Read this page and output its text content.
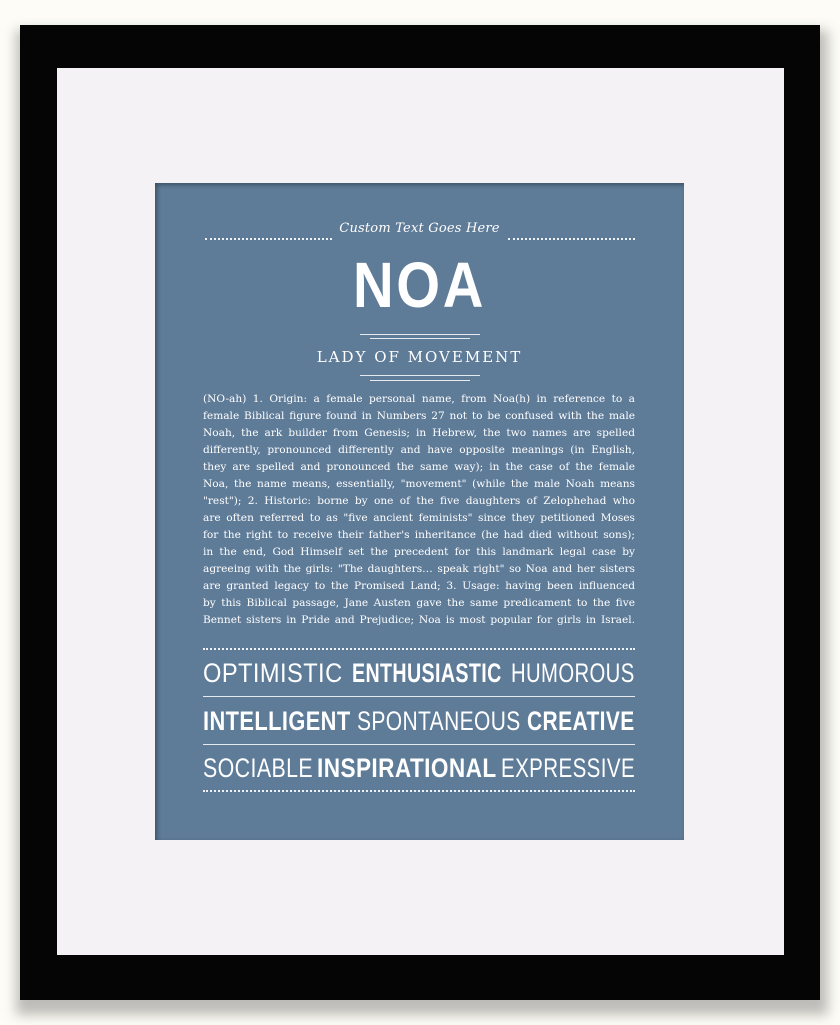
Custom Text Goes Here
NOA
LADY OF MOVEMENT
(NO-ah) 1. Origin: a female personal name, from Noa(h) in reference to a
female Biblical figure found in Numbers 27 not to be confused with the male
Noah, the ark builder from Genesis; in Hebrew, the two names are spelled
differently, pronounced differently and have opposite meanings (in English,
they are spelled and pronounced the same way); in the case of the female
Noa, the name means, essentially, "movement" (while the male Noah means
"rest"); 2. Historic: borne by one of the five daughters of Zelophehad who
are often referred to as "five ancient feminists" since they petitioned Moses
for the right to receive their father's inheritance (he had died without sons);
in the end, God Himself set the precedent for this landmark legal case by
agreeing with the girls: "The daughters… speak right" so Noa and her sisters
are granted legacy to the Promised Land; 3. Usage: having been influenced
by this Biblical passage, Jane Austen gave the same predicament to the five
Bennet sisters in Pride and Prejudice; Noa is most popular for girls in Israel.
OPTIMISTIC ENTHUSIASTIC HUMOROUS
INTELLIGENT SPONTANEOUS CREATIVE
SOCIABLE INSPIRATIONAL EXPRESSIVE
